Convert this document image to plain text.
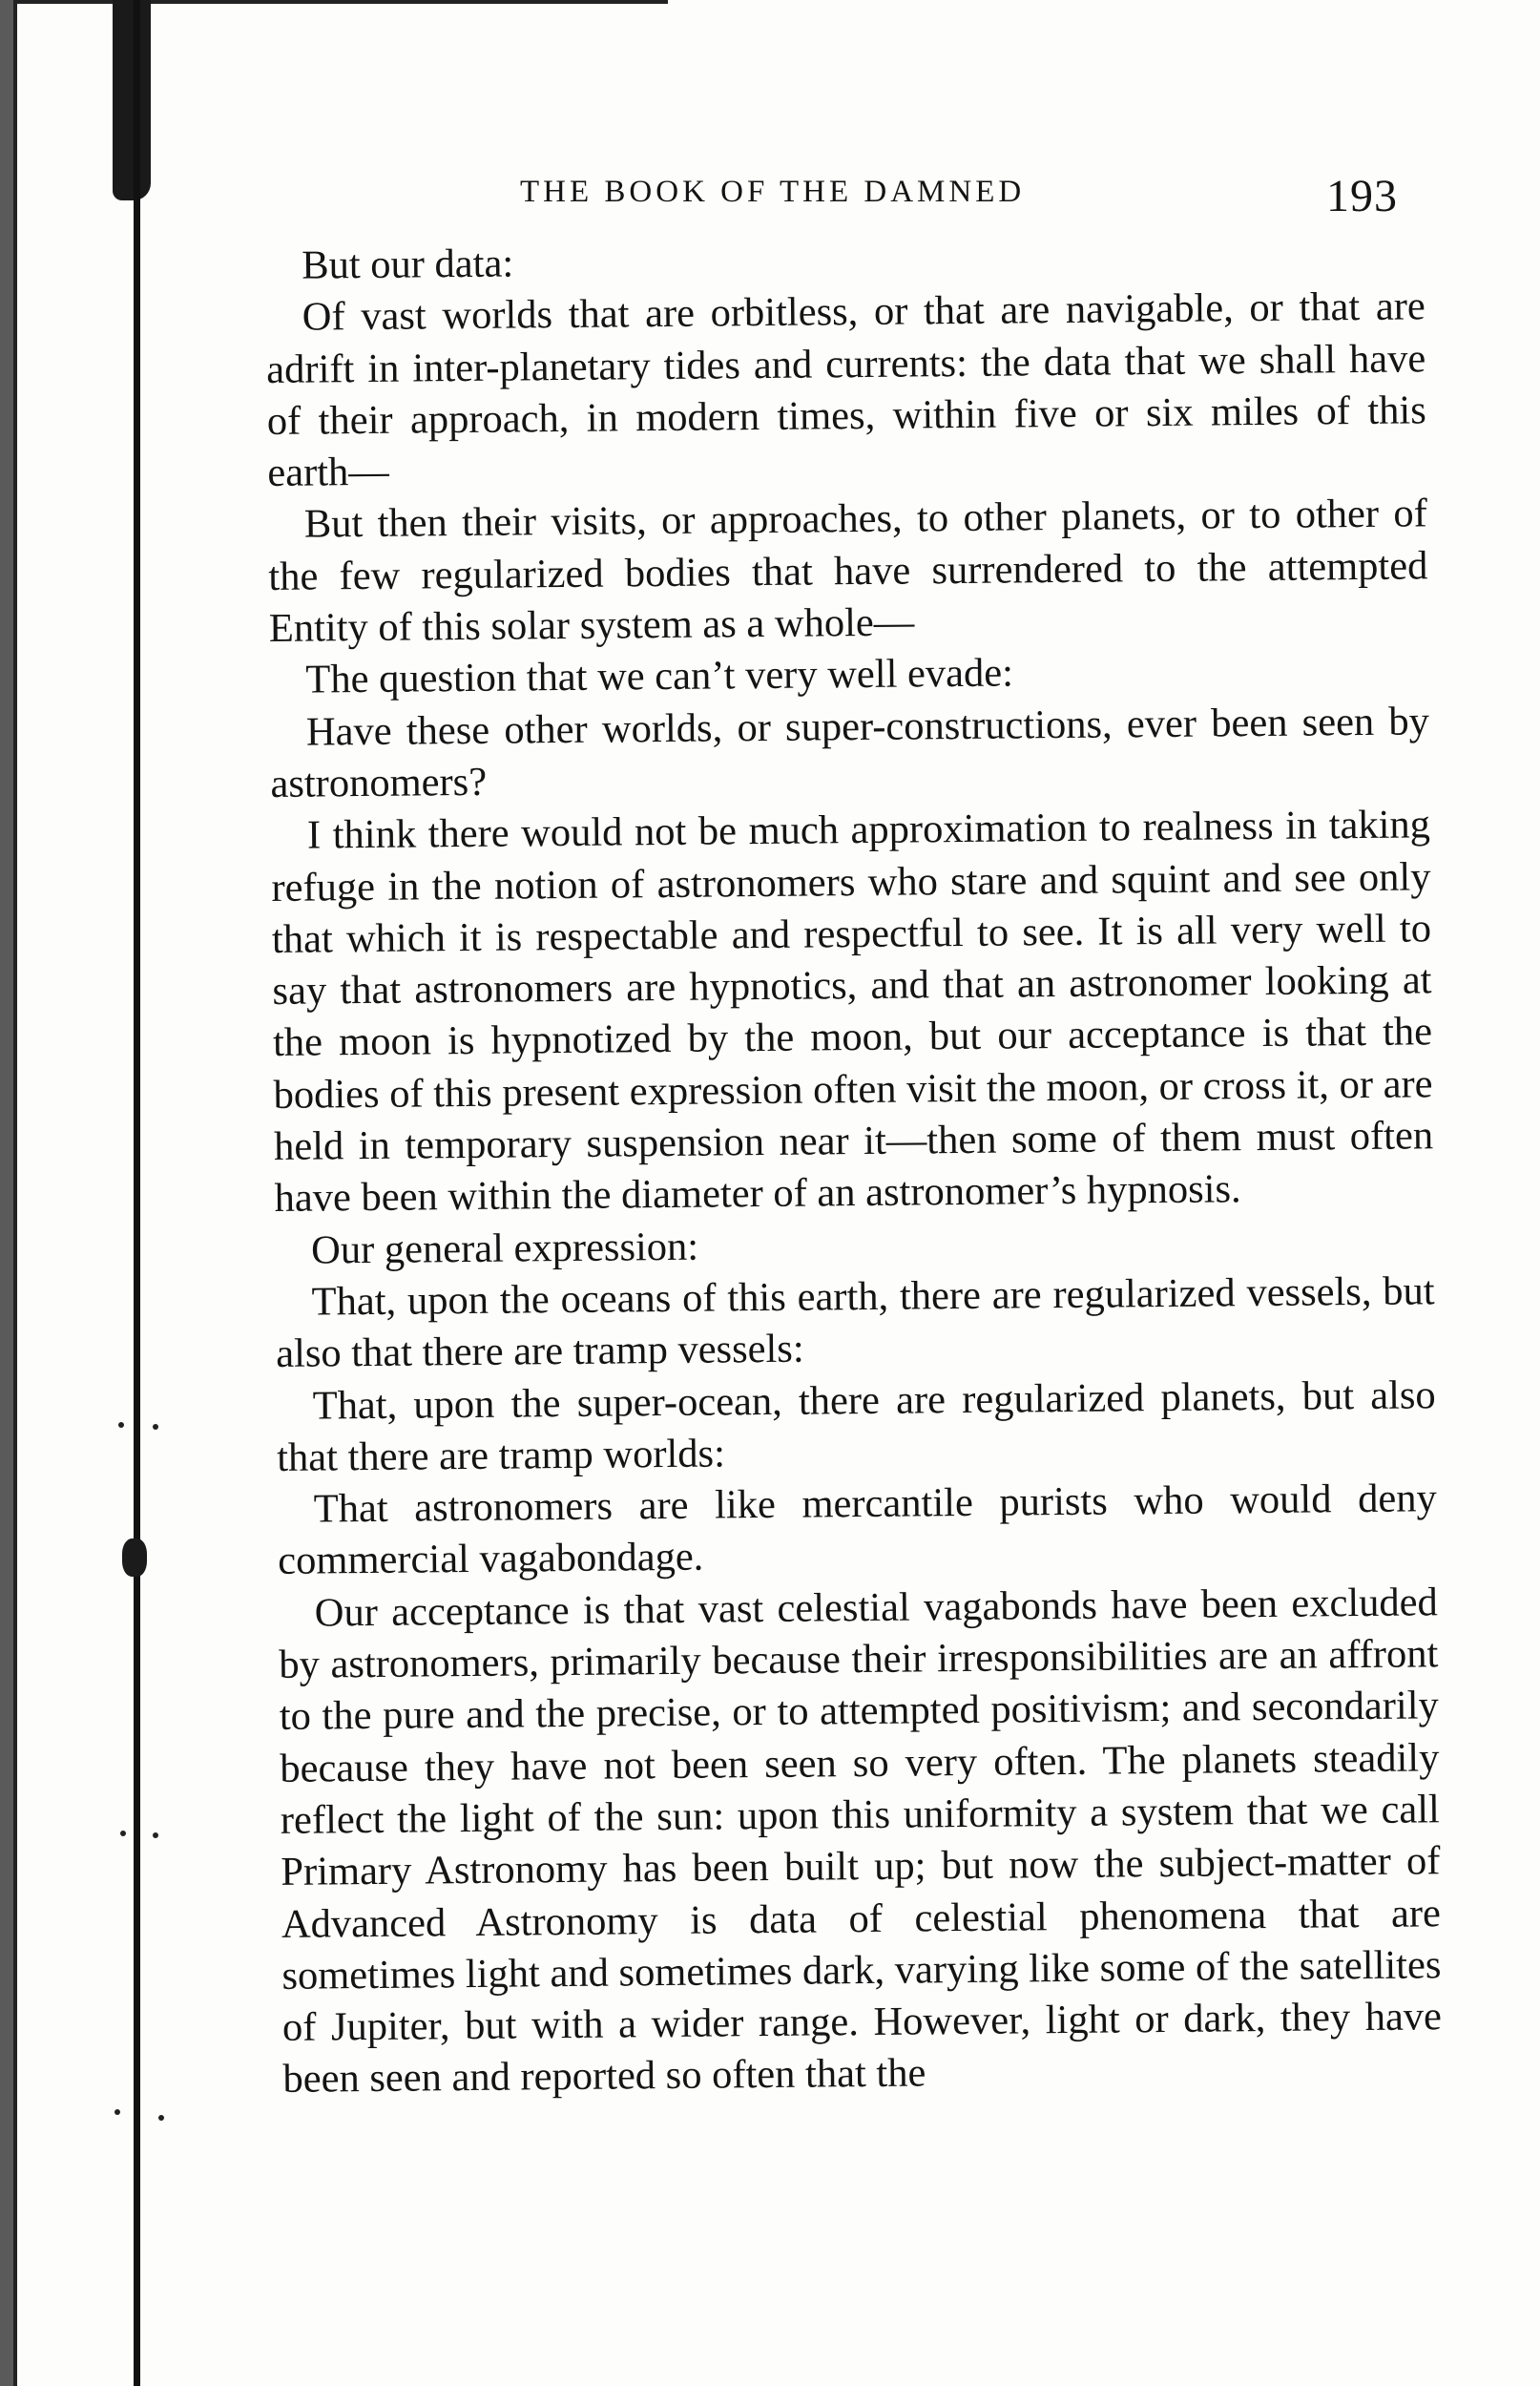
THE BOOK OF THE DAMNED	193

But our data:

Of vast worlds that are orbitless, or that are navigable, or that are adrift in inter-planetary tides and currents: the data that we shall have of their approach, in modern times, within five or six miles of this earth—

But then their visits, or approaches, to other planets, or to other of the few regularized bodies that have surrendered to the attempted Entity of this solar system as a whole—

The question that we can’t very well evade:

Have these other worlds, or super-constructions, ever been seen by astronomers?

I think there would not be much approximation to realness in taking refuge in the notion of astronomers who stare and squint and see only that which it is respectable and respectful to see. It is all very well to say that astronomers are hypnotics, and that an astronomer looking at the moon is hypnotized by the moon, but our acceptance is that the bodies of this present expression often visit the moon, or cross it, or are held in temporary suspension near it—then some of them must often have been within the diameter of an astronomer’s hypnosis.

Our general expression:

That, upon the oceans of this earth, there are regularized vessels, but also that there are tramp vessels:

That, upon the super-ocean, there are regularized planets, but also that there are tramp worlds:

That astronomers are like mercantile purists who would deny commercial vagabondage.

Our acceptance is that vast celestial vagabonds have been excluded by astronomers, primarily because their irresponsibilities are an affront to the pure and the precise, or to attempted positivism; and secondarily because they have not been seen so very often. The planets steadily reflect the light of the sun: upon this uniformity a system that we call Primary Astronomy has been built up; but now the subject-matter of Advanced Astronomy is data of celestial phenomena that are sometimes light and sometimes dark, varying like some of the satellites of Jupiter, but with a wider range. However, light or dark, they have been seen and reported so often that the
